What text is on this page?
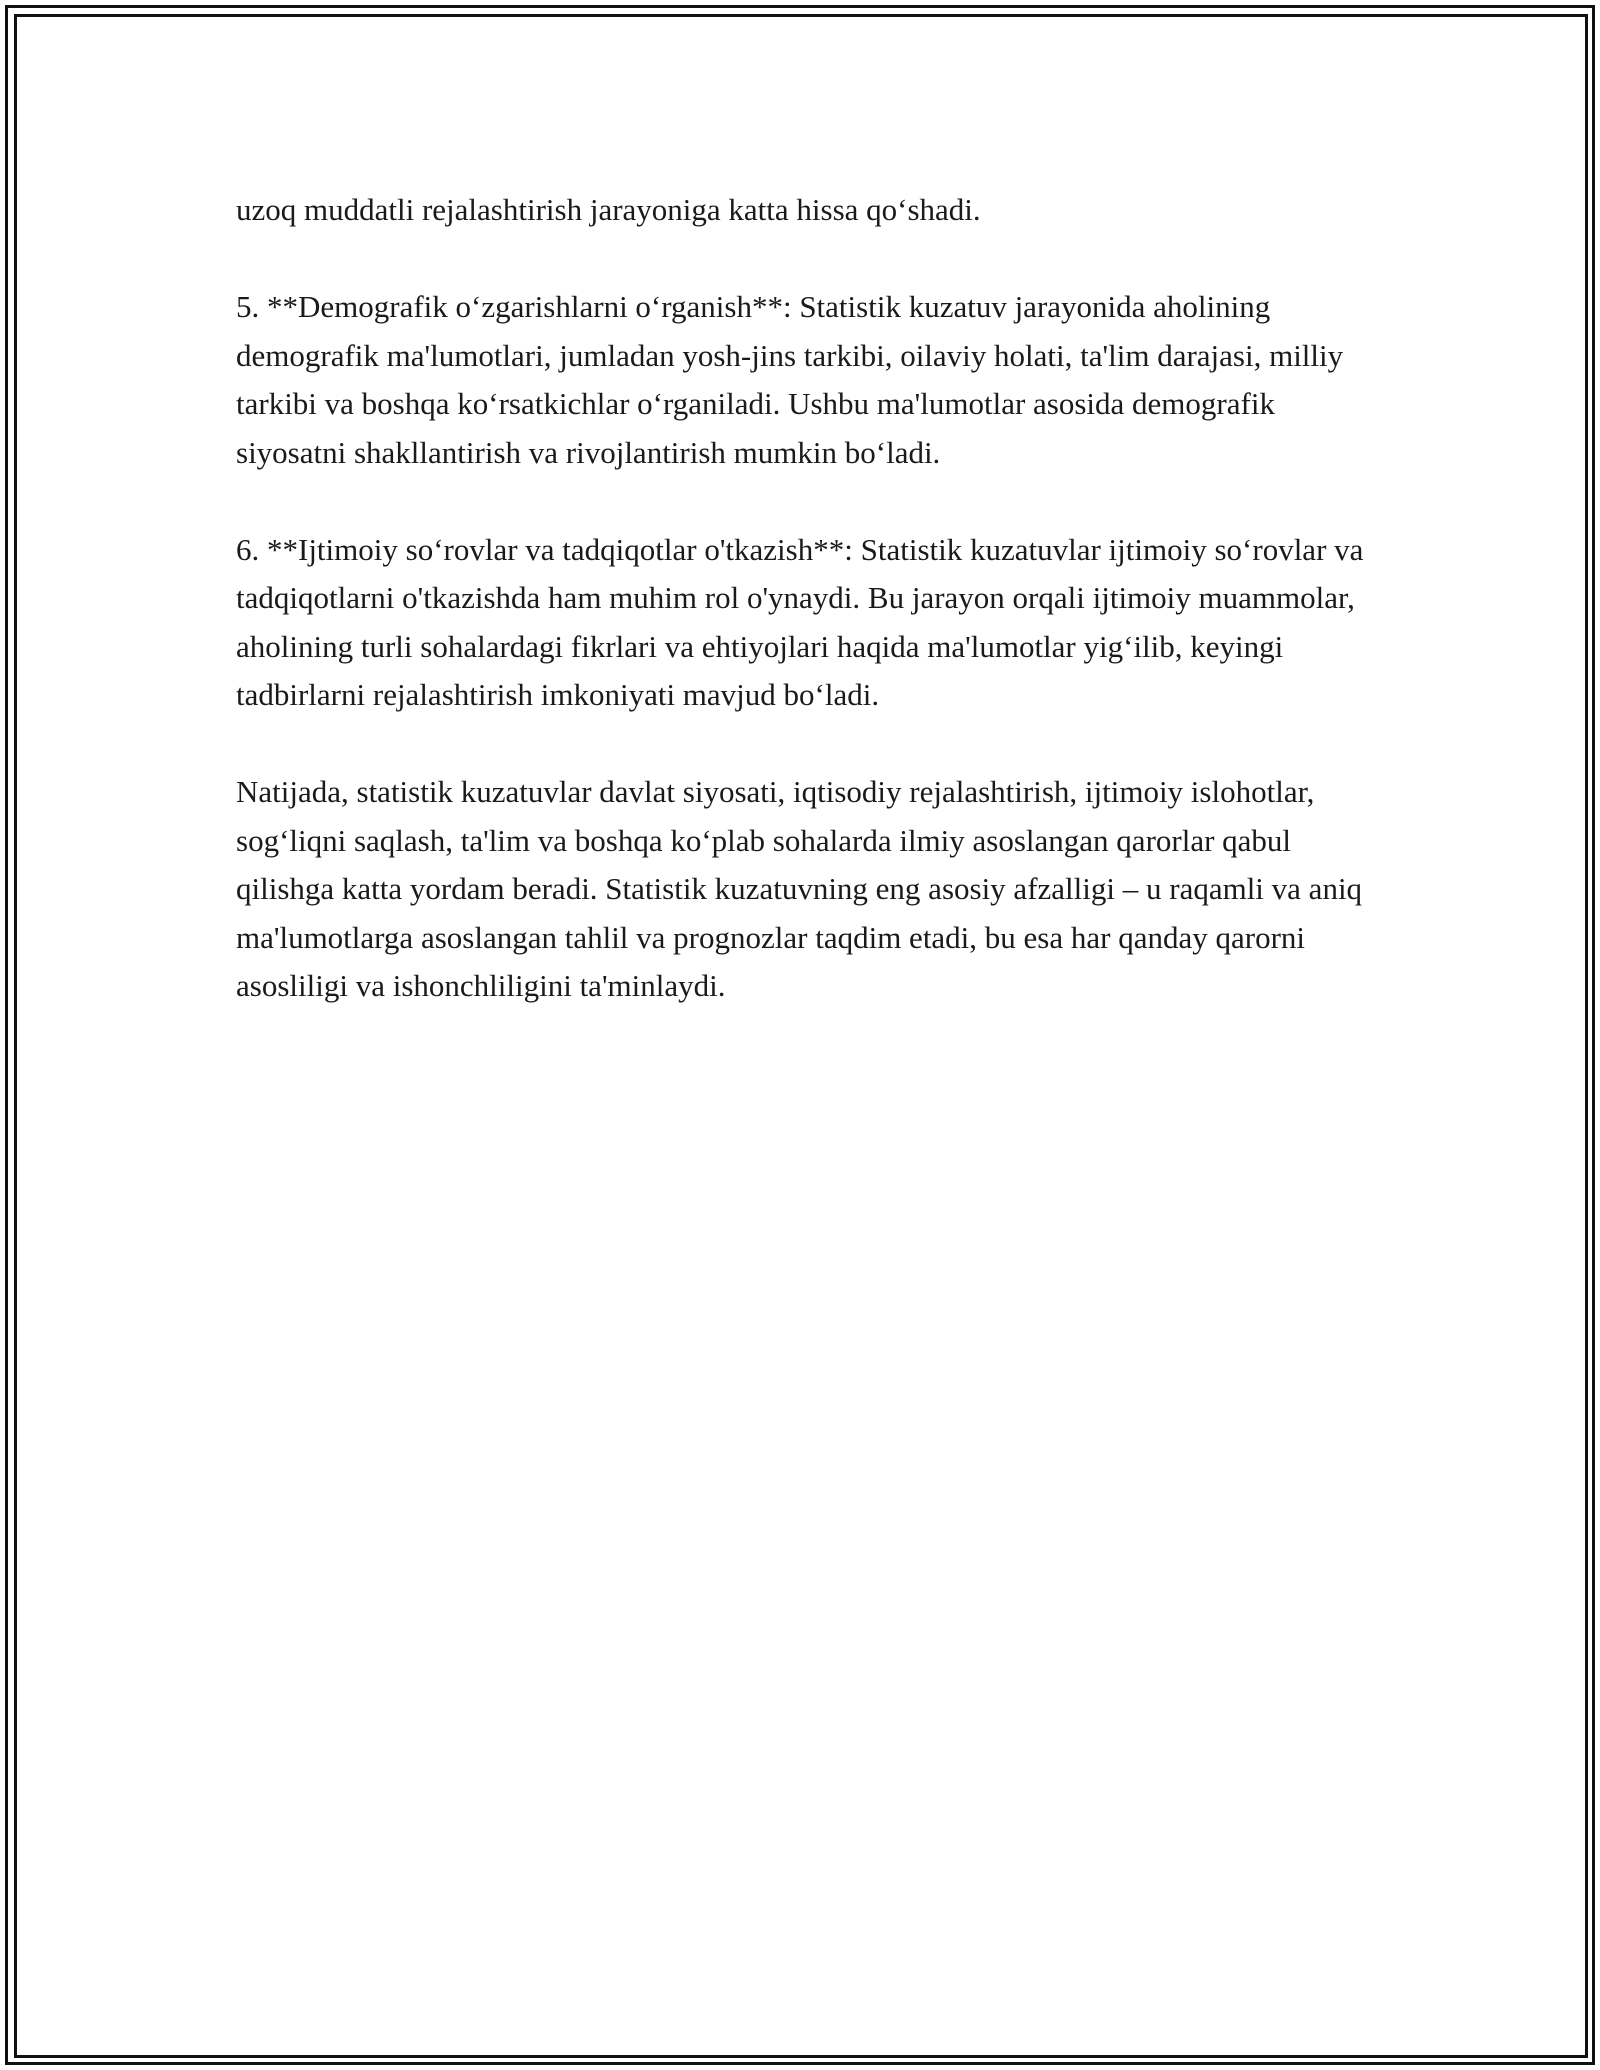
uzoq muddatli rejalashtirish jarayoniga katta hissa qo‘shadi.

5. **Demografik o‘zgarishlarni o‘rganish**: Statistik kuzatuv jarayonida aholining demografik ma'lumotlari, jumladan yosh-jins tarkibi, oilaviy holati, ta'lim darajasi, milliy tarkibi va boshqa ko‘rsatkichlar o‘rganiladi. Ushbu ma'lumotlar asosida demografik siyosatni shakllantirish va rivojlantirish mumkin bo‘ladi.

6. **Ijtimoiy so‘rovlar va tadqiqotlar o'tkazish**: Statistik kuzatuvlar ijtimoiy so‘rovlar va tadqiqotlarni o'tkazishda ham muhim rol o'ynaydi. Bu jarayon orqali ijtimoiy muammolar, aholining turli sohalardagi fikrlari va ehtiyojlari haqida ma'lumotlar yig‘ilib, keyingi tadbirlarni rejalashtirish imkoniyati mavjud bo‘ladi.

Natijada, statistik kuzatuvlar davlat siyosati, iqtisodiy rejalashtirish, ijtimoiy islohotlar, sog‘liqni saqlash, ta'lim va boshqa ko‘plab sohalarda ilmiy asoslangan qarorlar qabul qilishga katta yordam beradi. Statistik kuzatuvning eng asosiy afzalligi – u raqamli va aniq ma'lumotlarga asoslangan tahlil va prognozlar taqdim etadi, bu esa har qanday qarorni asosliligi va ishonchliligini ta'minlaydi.
